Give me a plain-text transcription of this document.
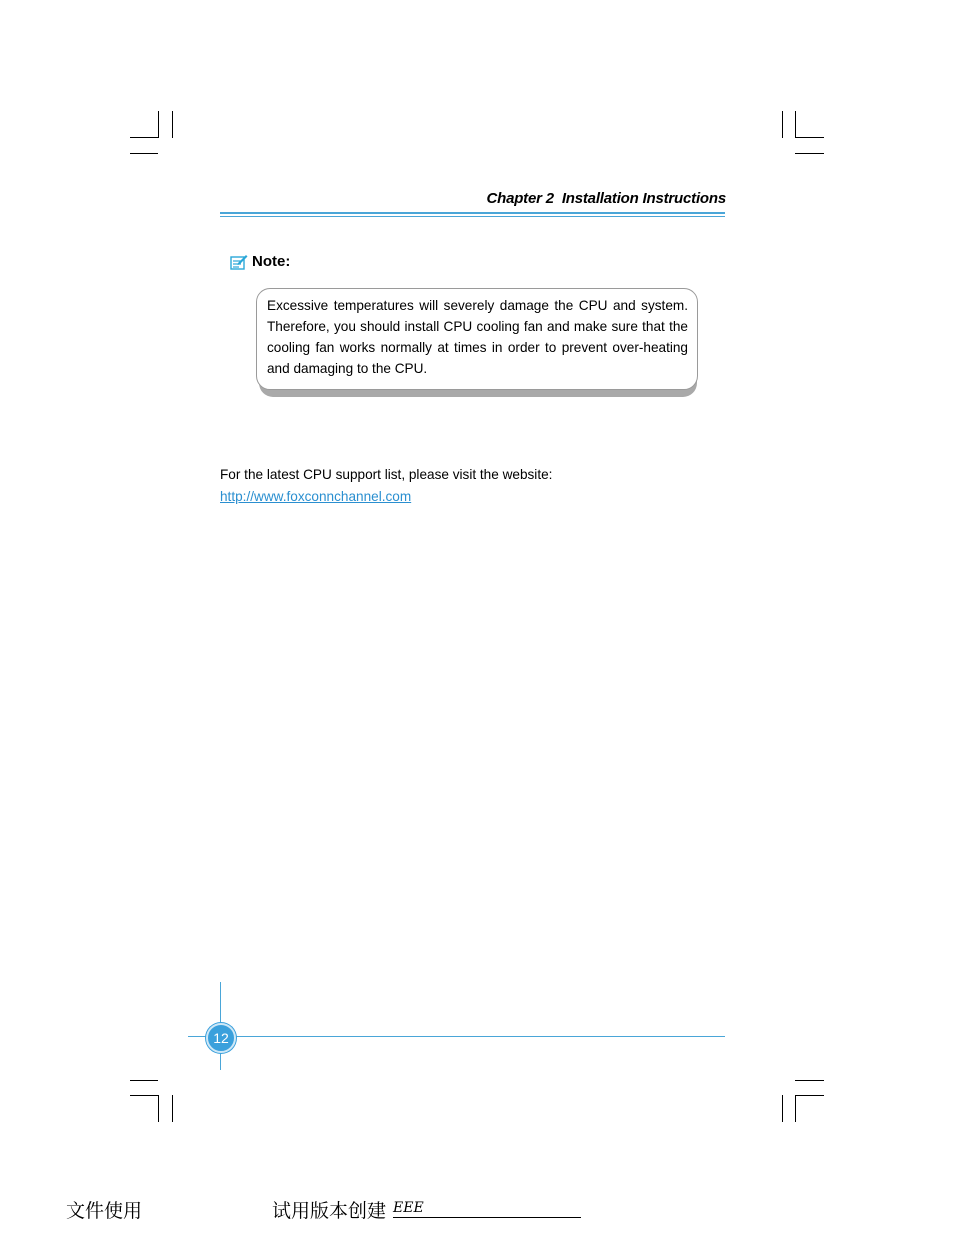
Chapter 2 Installation Instructions
Note:
Excessive temperatures will severely damage the CPU and system. Therefore, you should install CPU cooling fan and make sure that the cooling fan works normally at times in order to prevent over-heating and damaging to the CPU.
For the latest CPU support list, please visit the website:
http://www.foxconnchannel.com
12
文件使用	试用版本创建 EEE
